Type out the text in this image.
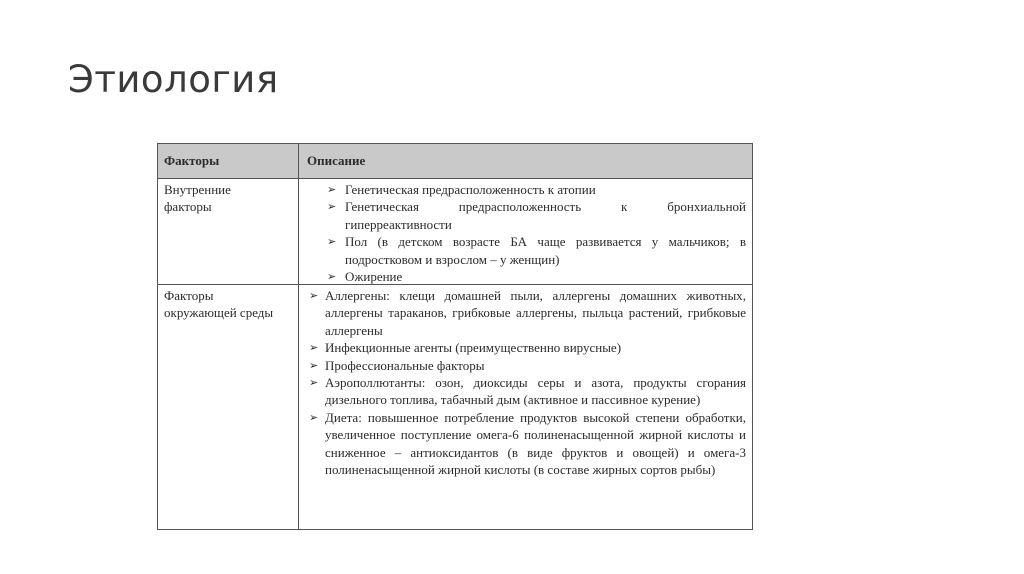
Этиология
Факторы	Описание
Внутренние
факторы
➢ Генетическая предрасположенность к атопии
➢ Генетическая предрасположенность к бронхиальной гиперреактивности
➢ Пол (в детском возрасте БА чаще развивается у мальчиков; в подростковом и взрослом – у женщин)
➢ Ожирение
Факторы
окружающей среды
➢ Аллергены: клещи домашней пыли, аллергены домашних животных, аллергены тараканов, грибковые аллергены, пыльца растений, грибковые аллергены
➢ Инфекционные агенты (преимущественно вирусные)
➢ Профессиональные факторы
➢ Аэрополлютанты: озон, диоксиды серы и азота, продукты сгорания дизельного топлива, табачный дым (активное и пассивное курение)
➢ Диета: повышенное потребление продуктов высокой степени обработки, увеличенное поступление омега-6 полиненасыщенной жирной кислоты и сниженное – антиоксидантов (в виде фруктов и овощей) и омега-3 полиненасыщенной жирной кислоты (в составе жирных сортов рыбы)
